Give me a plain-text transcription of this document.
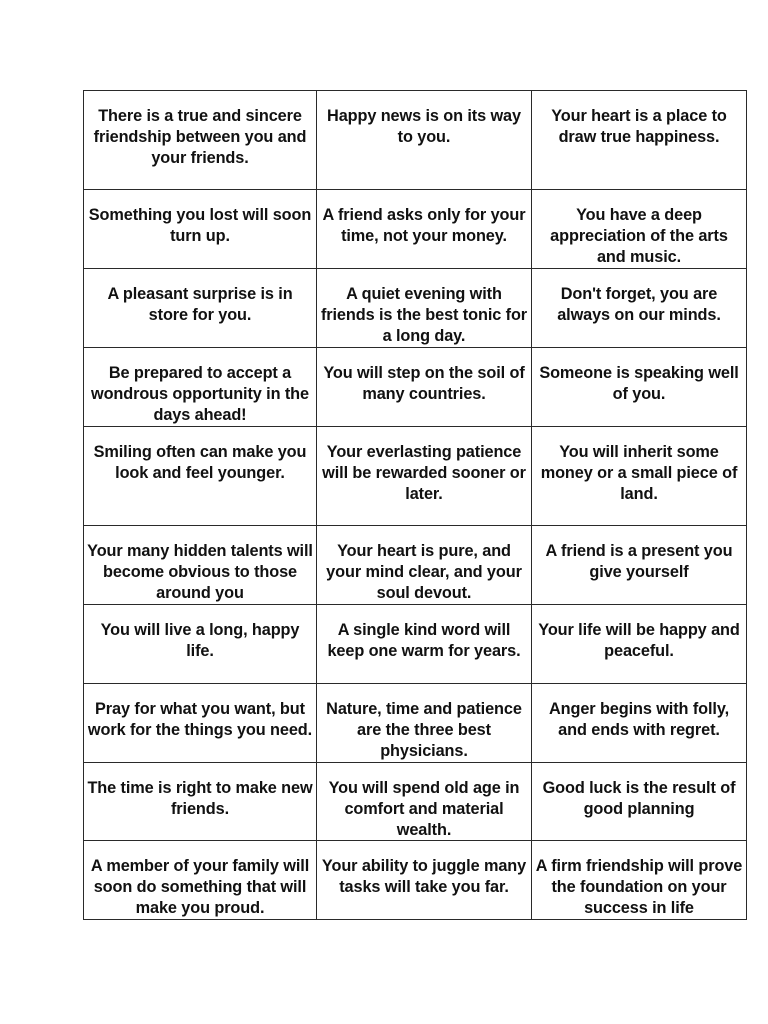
There is a true and sincere friendship between you and your friends.	Happy news is on its way to you.	Your heart is a place to draw true happiness.
Something you lost will soon turn up.	A friend asks only for your time, not your money.	You have a deep appreciation of the arts and music.
A pleasant surprise is in store for you.	A quiet evening with friends is the best tonic for a long day.	Don't forget, you are always on our minds.
Be prepared to accept a wondrous opportunity in the days ahead!	You will step on the soil of many countries.	Someone is speaking well of you.
Smiling often can make you look and feel younger.	Your everlasting patience will be rewarded sooner or later.	You will inherit some money or a small piece of land.
Your many hidden talents will become obvious to those around you	Your heart is pure, and your mind clear, and your soul devout.	A friend is a present you give yourself
You will live a long, happy life.	A single kind word will keep one warm for years.	Your life will be happy and peaceful.
Pray for what you want, but work for the things you need.	Nature, time and patience are the three best physicians.	Anger begins with folly, and ends with regret.
The time is right to make new friends.	You will spend old age in comfort and material wealth.	Good luck is the result of good planning
A member of your family will soon do something that will make you proud.	Your ability to juggle many tasks will take you far.	A firm friendship will prove the foundation on your success in life
